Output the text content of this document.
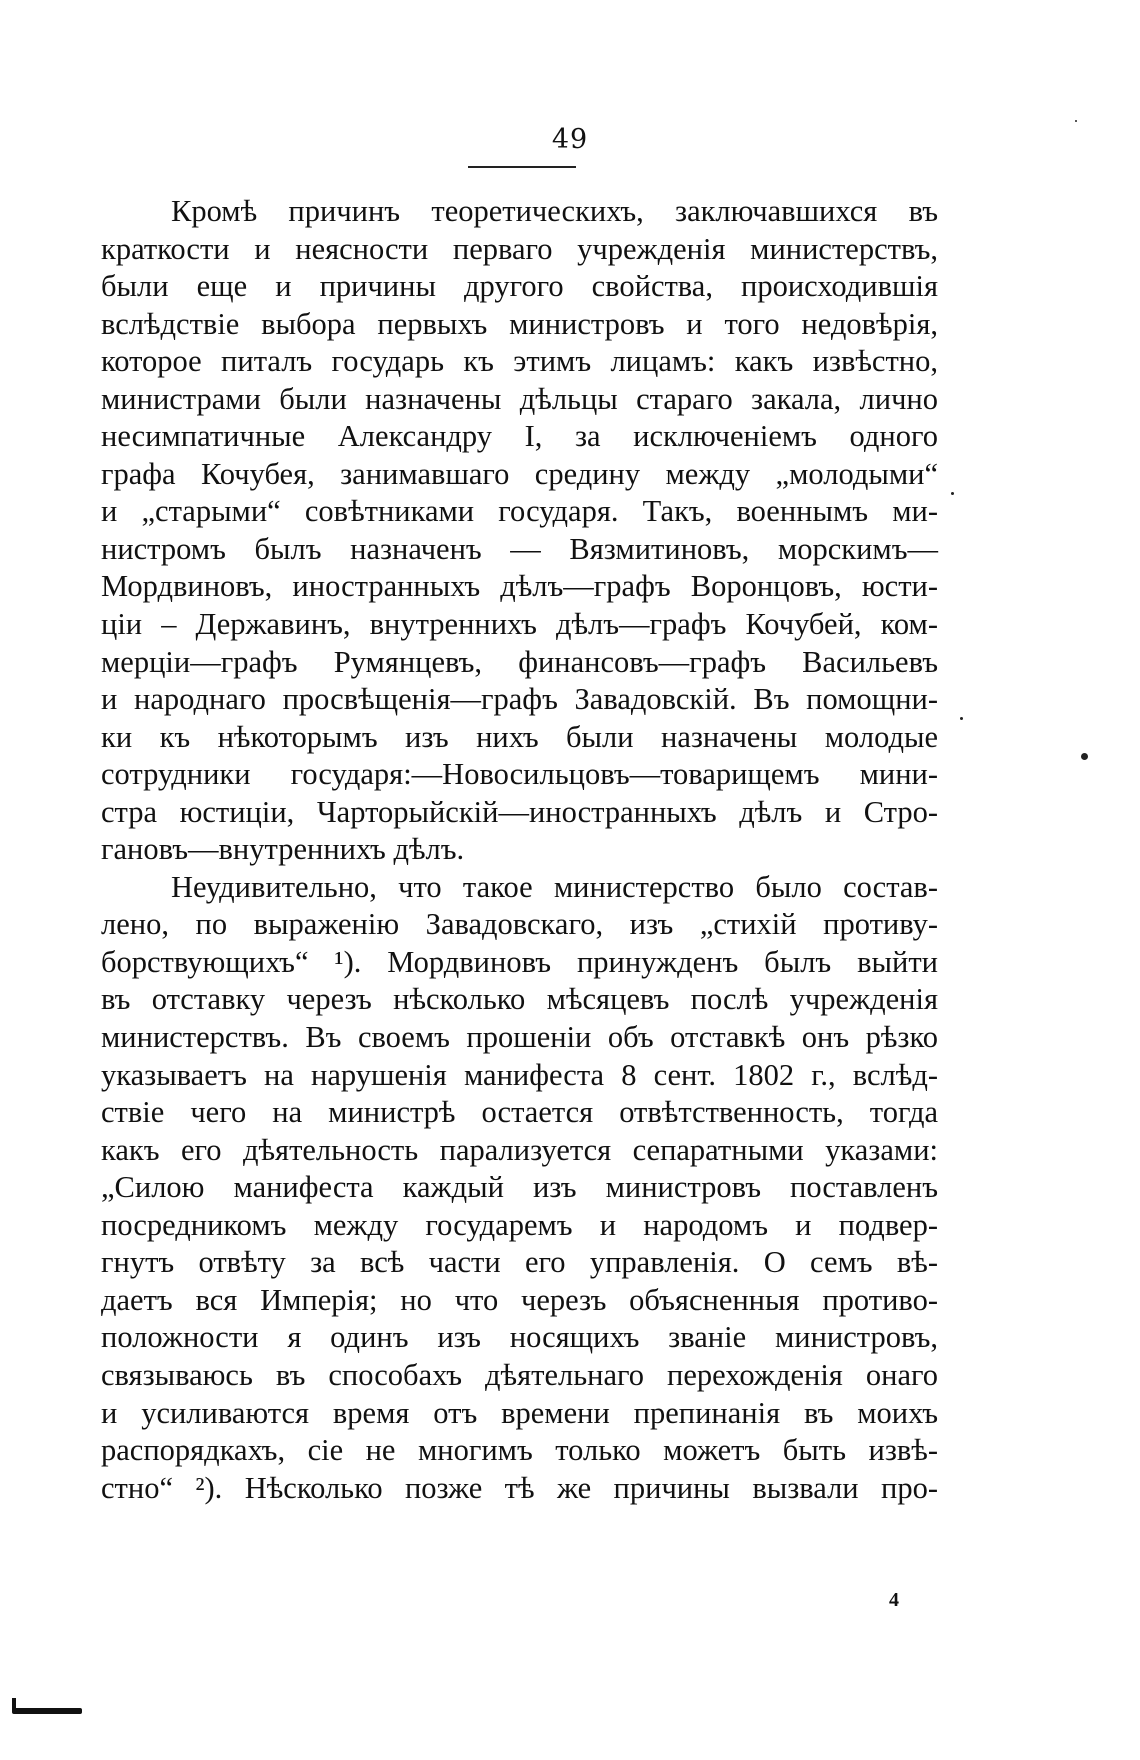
49
Кромѣ причинъ теоретическихъ, заключавшихся въ
краткости и неясности перваго учрежденія министерствъ,
были еще и причины другого свойства, происходившія
вслѣдствіе выбора первыхъ министровъ и того недовѣрія,
которое питалъ государь къ этимъ лицамъ: какъ извѣстно,
министрами были назначены дѣльцы стараго закала, лично
несимпатичные Александру I, за исключеніемъ одного
графа Кочубея, занимавшаго средину между „молодыми“
и „старыми“ совѣтниками государя. Такъ, военнымъ ми-
нистромъ былъ назначенъ — Вязмитиновъ, морскимъ—
Мордвиновъ, иностранныхъ дѣлъ—графъ Воронцовъ, юсти-
ціи – Державинъ, внутреннихъ дѣлъ—графъ Кочубей, ком-
мерціи—графъ Румянцевъ, финансовъ—графъ Васильевъ
и народнаго просвѣщенія—графъ Завадовскій. Въ помощни-
ки къ нѣкоторымъ изъ нихъ были назначены молодые
сотрудники государя:—Новосильцовъ—товарищемъ мини-
стра юстиціи, Чарторыйскій—иностранныхъ дѣлъ и Стро-
гановъ—внутреннихъ дѣлъ.
Неудивительно, что такое министерство было состав-
лено, по выраженію Завадовскаго, изъ „стихій противу-
борствующихъ“ ¹). Мордвиновъ принужденъ былъ выйти
въ отставку черезъ нѣсколько мѣсяцевъ послѣ учрежденія
министерствъ. Въ своемъ прошеніи объ отставкѣ онъ рѣзко
указываетъ на нарушенія манифеста 8 сент. 1802 г., вслѣд-
ствіе чего на министрѣ остается отвѣтственность, тогда
какъ его дѣятельность парализуется сепаратными указами:
„Силою манифеста каждый изъ министровъ поставленъ
посредникомъ между государемъ и народомъ и подвер-
гнутъ отвѣту за всѣ части его управленія. О семъ вѣ-
даетъ вся Имперія; но что черезъ объясненныя противо-
положности я одинъ изъ носящихъ званіе министровъ,
связываюсь въ способахъ дѣятельнаго перехожденія онаго
и усиливаются время отъ времени препинанія въ моихъ
распорядкахъ, сіе не многимъ только можетъ быть извѣ-
стно“ ²). Нѣсколько позже тѣ же причины вызвали про-
4
